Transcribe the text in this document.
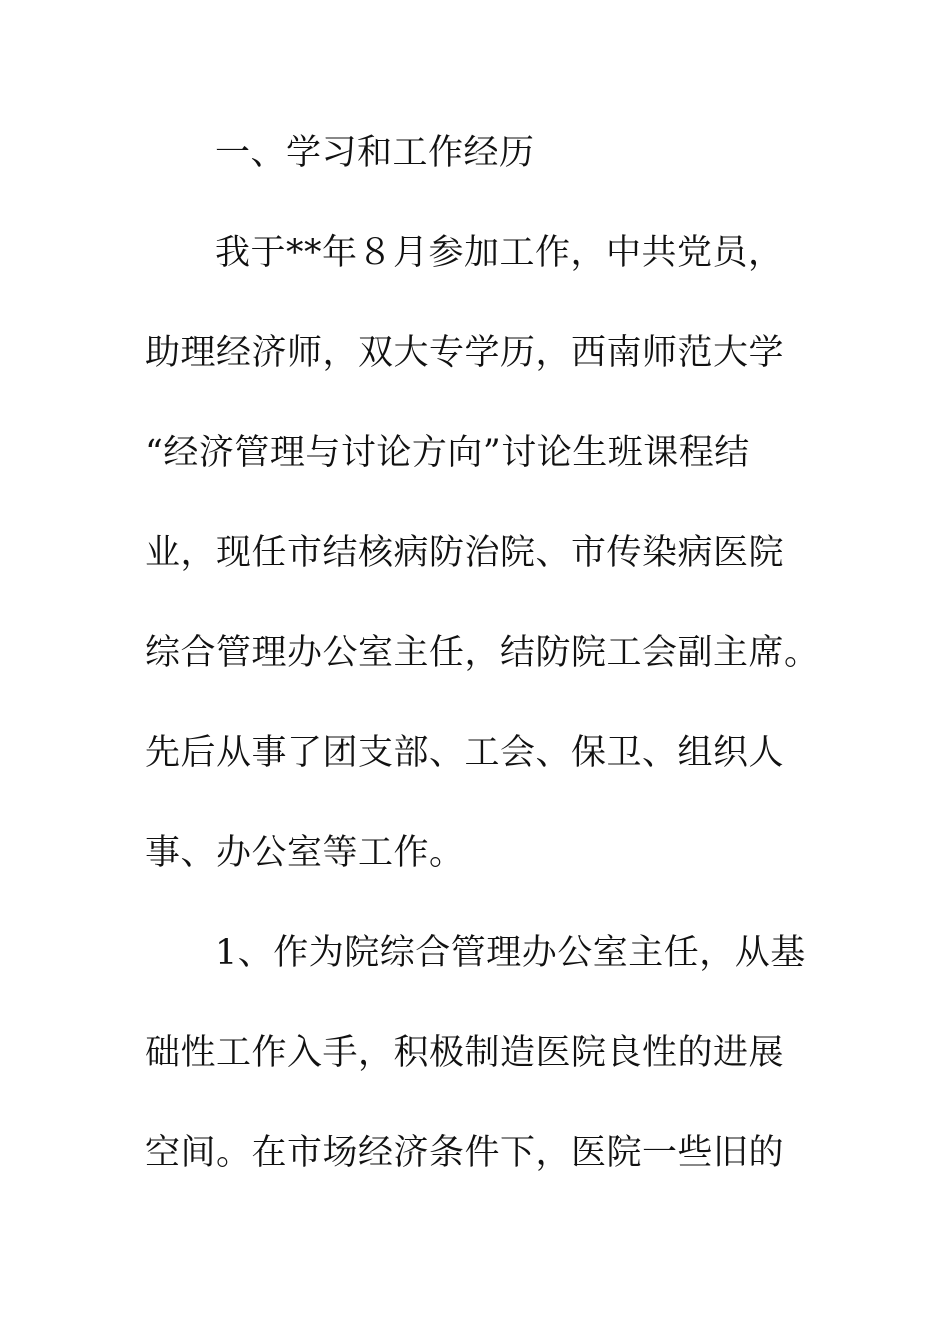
一、学习和工作经历
我于**年８月参加工作，中共党员，
助理经济师，双大专学历，西南师范大学
“经济管理与讨论方向”讨论生班课程结
业，现任市结核病防治院、市传染病医院
综合管理办公室主任，结防院工会副主席。
先后从事了团支部、工会、保卫、组织人
事、办公室等工作。
1、作为院综合管理办公室主任，从基
础性工作入手，积极制造医院良性的进展
空间。在市场经济条件下，医院一些旧的
